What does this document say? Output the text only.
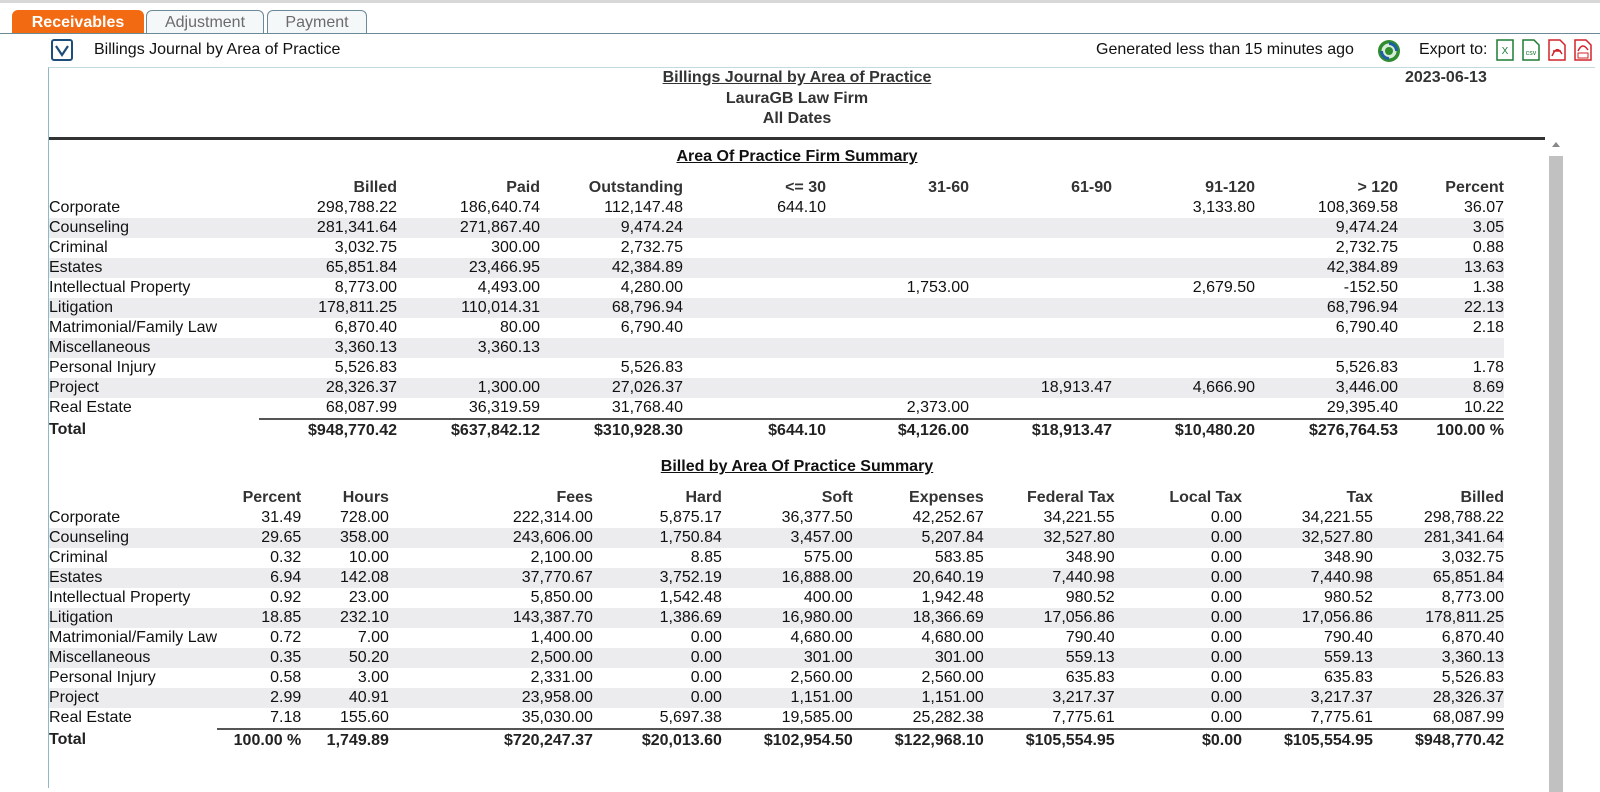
Receivables	Adjustment	Payment
Billings Journal by Area of Practice	Generated less than 15 minutes ago	Export to: X csv
Billings Journal by Area of Practice
LauraGB Law Firm
All Dates
2023-06-13
Area Of Practice Firm Summary
	Billed	Paid	Outstanding	<= 30	31-60	61-90	91-120	> 120	Percent
Corporate	298,788.22	186,640.74	112,147.48	644.10			3,133.80	108,369.58	36.07
Counseling	281,341.64	271,867.40	9,474.24					9,474.24	3.05
Criminal	3,032.75	300.00	2,732.75					2,732.75	0.88
Estates	65,851.84	23,466.95	42,384.89					42,384.89	13.63
Intellectual Property	8,773.00	4,493.00	4,280.00		1,753.00		2,679.50	-152.50	1.38
Litigation	178,811.25	110,014.31	68,796.94					68,796.94	22.13
Matrimonial/Family Law	6,870.40	80.00	6,790.40					6,790.40	2.18
Miscellaneous	3,360.13	3,360.13							
Personal Injury	5,526.83		5,526.83					5,526.83	1.78
Project	28,326.37	1,300.00	27,026.37			18,913.47	4,666.90	3,446.00	8.69
Real Estate	68,087.99	36,319.59	31,768.40		2,373.00			29,395.40	10.22
Total	$948,770.42	$637,842.12	$310,928.30	$644.10	$4,126.00	$18,913.47	$10,480.20	$276,764.53	100.00 %
Billed by Area Of Practice Summary
	Percent	Hours	Fees	Hard	Soft	Expenses	Federal Tax	Local Tax	Tax	Billed
Corporate	31.49	728.00	222,314.00	5,875.17	36,377.50	42,252.67	34,221.55	0.00	34,221.55	298,788.22
Counseling	29.65	358.00	243,606.00	1,750.84	3,457.00	5,207.84	32,527.80	0.00	32,527.80	281,341.64
Criminal	0.32	10.00	2,100.00	8.85	575.00	583.85	348.90	0.00	348.90	3,032.75
Estates	6.94	142.08	37,770.67	3,752.19	16,888.00	20,640.19	7,440.98	0.00	7,440.98	65,851.84
Intellectual Property	0.92	23.00	5,850.00	1,542.48	400.00	1,942.48	980.52	0.00	980.52	8,773.00
Litigation	18.85	232.10	143,387.70	1,386.69	16,980.00	18,366.69	17,056.86	0.00	17,056.86	178,811.25
Matrimonial/Family Law	0.72	7.00	1,400.00	0.00	4,680.00	4,680.00	790.40	0.00	790.40	6,870.40
Miscellaneous	0.35	50.20	2,500.00	0.00	301.00	301.00	559.13	0.00	559.13	3,360.13
Personal Injury	0.58	3.00	2,331.00	0.00	2,560.00	2,560.00	635.83	0.00	635.83	5,526.83
Project	2.99	40.91	23,958.00	0.00	1,151.00	1,151.00	3,217.37	0.00	3,217.37	28,326.37
Real Estate	7.18	155.60	35,030.00	5,697.38	19,585.00	25,282.38	7,775.61	0.00	7,775.61	68,087.99
Total	100.00 %	1,749.89	$720,247.37	$20,013.60	$102,954.50	$122,968.10	$105,554.95	$0.00	$105,554.95	$948,770.42
